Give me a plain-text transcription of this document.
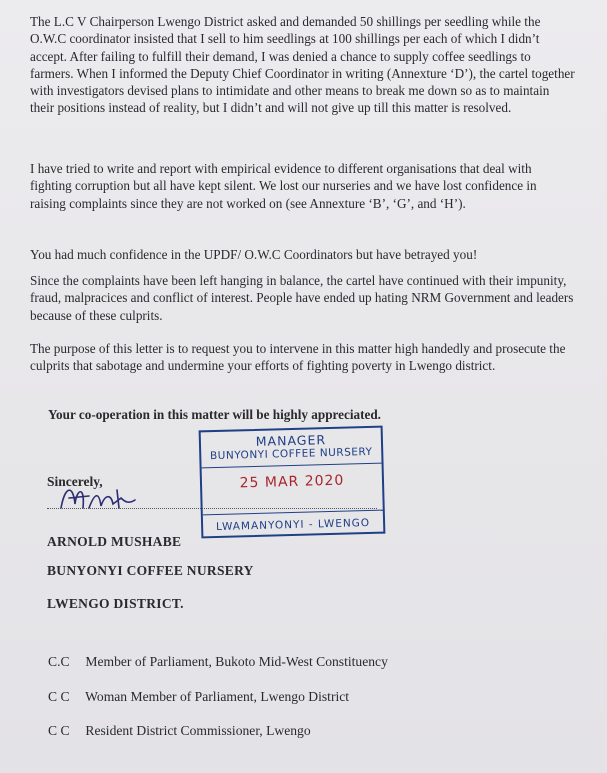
The L.C V Chairperson Lwengo District asked and demanded 50 shillings per seedling while the O.W.C coordinator insisted that I sell to him seedlings at 100 shillings per each of which I didn’t accept. After failing to fulfill their demand, I was denied a chance to supply coffee seedlings to farmers. When I informed the Deputy Chief Coordinator in writing (Annexture ‘D’), the cartel together with investigators devised plans to intimidate and other means to break me down so as to maintain their positions instead of reality, but I didn’t and will not give up till this matter is resolved.

I have tried to write and report with empirical evidence to different organisations that deal with fighting corruption but all have kept silent. We lost our nurseries and we have lost confidence in raising complaints since they are not worked on (see Annexture ‘B’, ‘G’, and ‘H’).

You had much confidence in the UPDF/ O.W.C Coordinators but have betrayed you!

Since the complaints have been left hanging in balance, the cartel have continued with their impunity, fraud, malpracices and conflict of interest. People have ended up hating NRM Government and leaders because of these culprits.

The purpose of this letter is to request you to intervene in this matter high handedly and prosecute the culprits that sabotage and undermine your efforts of fighting poverty in Lwengo district.

Your co-operation in this matter will be highly appreciated.

MANAGER
BUNYONYI COFFEE NURSERY
25 MAR 2020
LWAMANYONYI - LWENGO
Sincerely,
ARNOLD MUSHABE
BUNYONYI COFFEE NURSERY
LWENGO DISTRICT.
C.C Member of Parliament, Bukoto Mid-West Constituency
C C Woman Member of Parliament, Lwengo District
C C Resident District Commissioner, Lwengo
